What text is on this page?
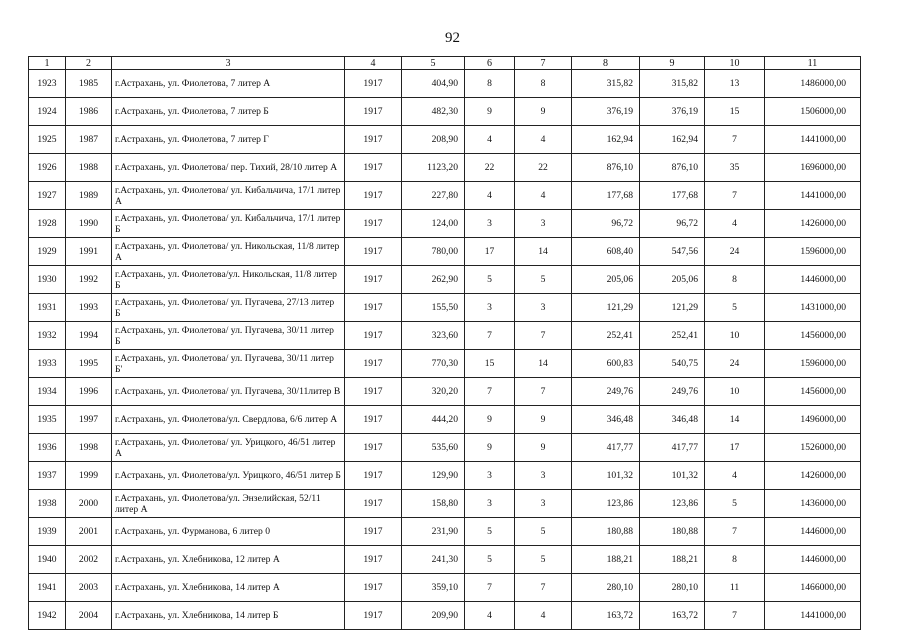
92
1	2	3	4	5	6	7	8	9	10	11
1923	1985	г.Астрахань, ул. Фиолетова, 7 литер А	1917	404,90	8	8	315,82	315,82	13	1486000,00
1924	1986	г.Астрахань, ул. Фиолетова, 7 литер Б	1917	482,30	9	9	376,19	376,19	15	1506000,00
1925	1987	г.Астрахань, ул. Фиолетова, 7 литер Г	1917	208,90	4	4	162,94	162,94	7	1441000,00
1926	1988	г.Астрахань, ул. Фиолетова/ пер. Тихий, 28/10 литер А	1917	1123,20	22	22	876,10	876,10	35	1696000,00
1927	1989	г.Астрахань, ул. Фиолетова/ ул. Кибальчича, 17/1 литер А	1917	227,80	4	4	177,68	177,68	7	1441000,00
1928	1990	г.Астрахань, ул. Фиолетова/ ул. Кибальчича, 17/1 литер Б	1917	124,00	3	3	96,72	96,72	4	1426000,00
1929	1991	г.Астрахань, ул. Фиолетова/ ул. Никольская, 11/8 литер А	1917	780,00	17	14	608,40	547,56	24	1596000,00
1930	1992	г.Астрахань, ул. Фиолетова/ул. Никольская, 11/8 литер Б	1917	262,90	5	5	205,06	205,06	8	1446000,00
1931	1993	г.Астрахань, ул. Фиолетова/ ул. Пугачева, 27/13 литер Б	1917	155,50	3	3	121,29	121,29	5	1431000,00
1932	1994	г.Астрахань, ул. Фиолетова/ ул. Пугачева, 30/11 литер Б	1917	323,60	7	7	252,41	252,41	10	1456000,00
1933	1995	г.Астрахань, ул. Фиолетова/ ул. Пугачева, 30/11 литер Б'	1917	770,30	15	14	600,83	540,75	24	1596000,00
1934	1996	г.Астрахань, ул. Фиолетова/ ул. Пугачева, 30/11литер В	1917	320,20	7	7	249,76	249,76	10	1456000,00
1935	1997	г.Астрахань, ул. Фиолетова/ул. Свердлова, 6/6 литер А	1917	444,20	9	9	346,48	346,48	14	1496000,00
1936	1998	г.Астрахань, ул. Фиолетова/ ул. Урицкого, 46/51 литер А	1917	535,60	9	9	417,77	417,77	17	1526000,00
1937	1999	г.Астрахань, ул. Фиолетова/ул. Урицкого, 46/51 литер Б	1917	129,90	3	3	101,32	101,32	4	1426000,00
1938	2000	г.Астрахань, ул. Фиолетова/ул. Энзелийская, 52/11 литер А	1917	158,80	3	3	123,86	123,86	5	1436000,00
1939	2001	г.Астрахань, ул. Фурманова, 6 литер 0	1917	231,90	5	5	180,88	180,88	7	1446000,00
1940	2002	г.Астрахань, ул. Хлебникова, 12 литер А	1917	241,30	5	5	188,21	188,21	8	1446000,00
1941	2003	г.Астрахань, ул. Хлебникова, 14 литер А	1917	359,10	7	7	280,10	280,10	11	1466000,00
1942	2004	г.Астрахань, ул. Хлебникова, 14 литер Б	1917	209,90	4	4	163,72	163,72	7	1441000,00
